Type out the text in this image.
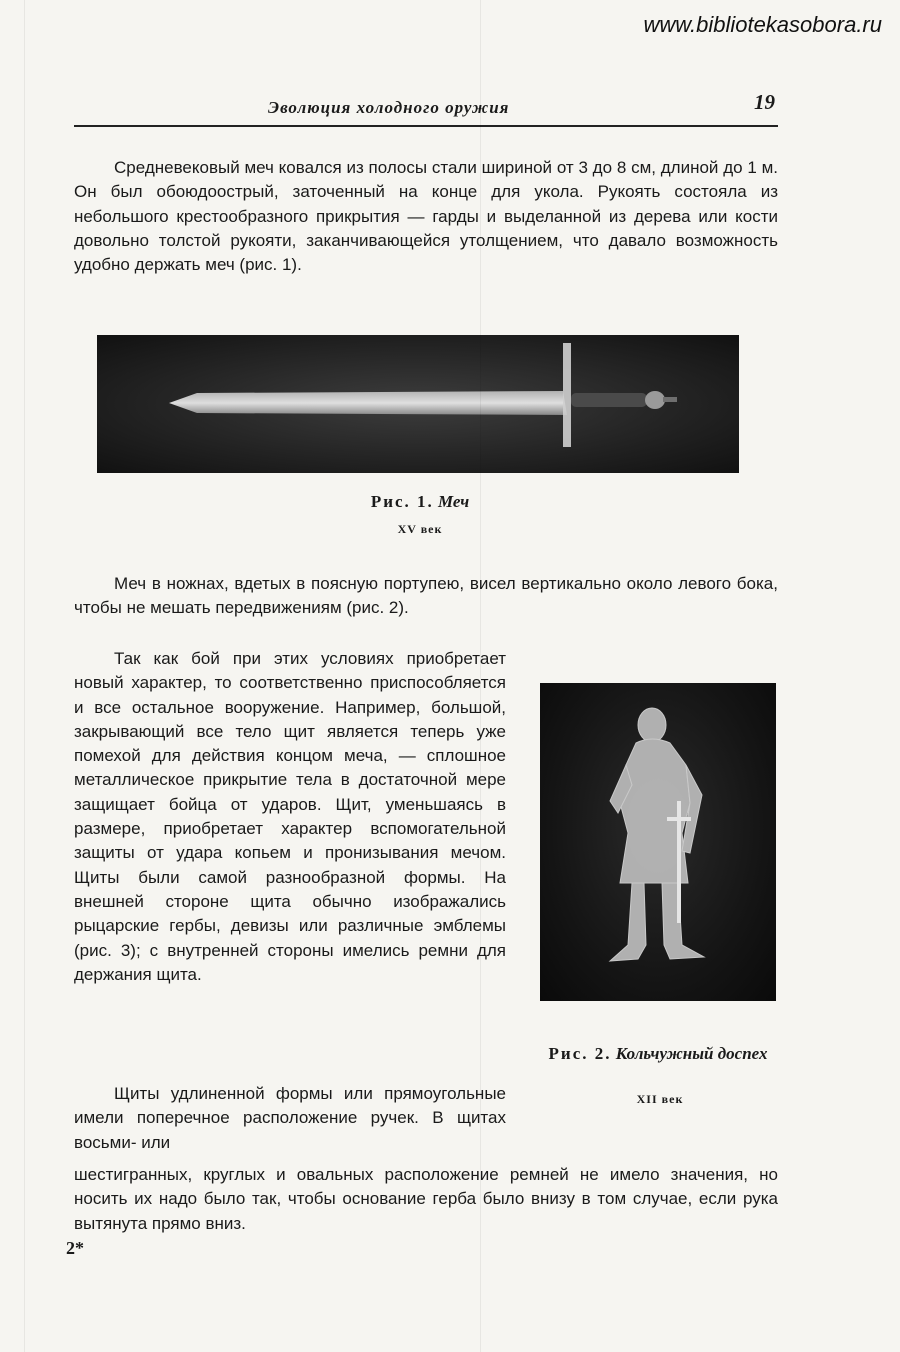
www.bibliotekasobora.ru
Эволюция холодного оружия	19

Средневековый меч ковался из полосы стали шириной от 3 до 8 см, длиной до 1 м. Он был обоюдоострый, заточенный на конце для укола. Рукоять состояла из небольшого крестообразного прикрытия — гарды и выделанной из дерева или кости довольно толстой рукояти, заканчивающейся утолщением, что давало возможность удобно держать меч (рис. 1).

Рис. 1. Меч
XV век

Меч в ножнах, вдетых в поясную портупею, висел вертикально около левого бока, чтобы не мешать передвижениям (рис. 2).

Так как бой при этих условиях приобретает новый характер, то соответственно приспособляется и все остальное вооружение. Например, большой, закрывающий все тело щит является теперь уже помехой для действия концом меча, — сплошное металлическое прикрытие тела в достаточной мере защищает бойца от ударов. Щит, уменьшаясь в размере, приобретает характер вспомогательной защиты от удара копьем и пронизывания мечом. Щиты были самой разнообразной формы. На внешней стороне щита обычно изображались рыцарские гербы, девизы или различные эмблемы (рис. 3); с внутренней стороны имелись ремни для держания щита.

Рис. 2. Кольчужный доспех
XII век

Щиты удлиненной формы или прямоугольные имели поперечное расположение ручек. В щитах восьми- или

шестигранных, круглых и овальных расположение ремней не имело значения, но носить их надо было так, чтобы основание герба было внизу в том случае, если рука вытянута прямо вниз.

2*
